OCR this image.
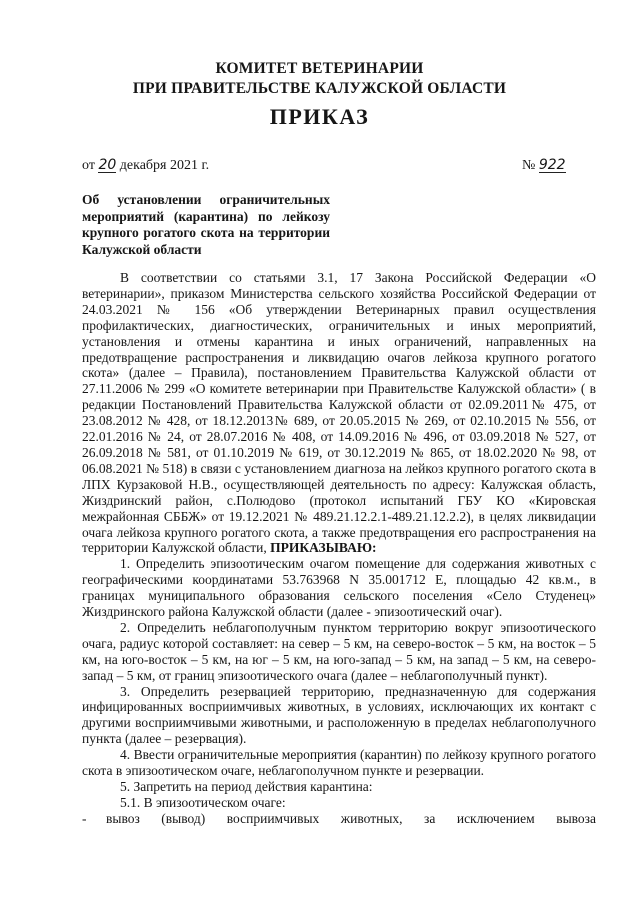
КОМИТЕТ ВЕТЕРИНАРИИ
ПРИ ПРАВИТЕЛЬСТВЕ КАЛУЖСКОЙ ОБЛАСТИ
ПРИКАЗ
от 20 декабря 2021 г.	№ 922
Об установлении ограничительных мероприятий (карантина) по лейкозу крупного рогатого скота на территории Калужской области

В соответствии со статьями 3.1, 17 Закона Российской Федерации «О ветеринарии», приказом Министерства сельского хозяйства Российской Федерации от 24.03.2021 № 156 «Об утверждении Ветеринарных правил осуществления профилактических, диагностических, ограничительных и иных мероприятий, установления и отмены карантина и иных ограничений, направленных на предотвращение распространения и ликвидацию очагов лейкоза крупного рогатого скота» (далее – Правила), постановлением Правительства Калужской области от 27.11.2006 № 299 «О комитете ветеринарии при Правительстве Калужской области» ( в редакции Постановлений Правительства Калужской области от 02.09.2011№ 475, от 23.08.2012 № 428, от 18.12.2013№ 689, от 20.05.2015 № 269, от 02.10.2015 № 556, от 22.01.2016 № 24, от 28.07.2016 № 408, от 14.09.2016 № 496, от 03.09.2018 № 527, от 26.09.2018 № 581, от 01.10.2019 № 619, от 30.12.2019 № 865, от 18.02.2020 № 98, от 06.08.2021 № 518) в связи с установлением диагноза на лейкоз крупного рогатого скота в ЛПХ Курзаковой Н.В., осуществляющей деятельность по адресу: Калужская область, Жиздринский район, с.Полюдово (протокол испытаний ГБУ КО «Кировская межрайонная СББЖ» от 19.12.2021 № 489.21.12.2.1-489.21.12.2.2), в целях ликвидации очага лейкоза крупного рогатого скота, а также предотвращения его распространения на территории Калужской области, ПРИКАЗЫВАЮ:

1. Определить эпизоотическим очагом помещение для содержания животных с географическими координатами 53.763968 N 35.001712 E, площадью 42 кв.м., в границах муниципального образования сельского поселения «Село Студенец» Жиздринского района Калужской области (далее - эпизоотический очаг).

2. Определить неблагополучным пунктом территорию вокруг эпизоотического очага, радиус которой составляет: на север – 5 км, на северо-восток – 5 км, на восток – 5 км, на юго-восток – 5 км, на юг – 5 км, на юго-запад – 5 км, на запад – 5 км, на северо-запад – 5 км, от границ эпизоотического очага (далее – неблагополучный пункт).

3. Определить резервацией территорию, предназначенную для содержания инфицированных восприимчивых животных, в условиях, исключающих их контакт с другими восприимчивыми животными, и расположенную в пределах неблагополучного пункта (далее – резервация).

4. Ввести ограничительные мероприятия (карантин) по лейкозу крупного рогатого скота в эпизоотическом очаге, неблагополучном пункте и резервации.

5. Запретить на период действия карантина:

5.1. В эпизоотическом очаге:

-	вывоз (вывод) восприимчивых животных, за исключением вывоза
